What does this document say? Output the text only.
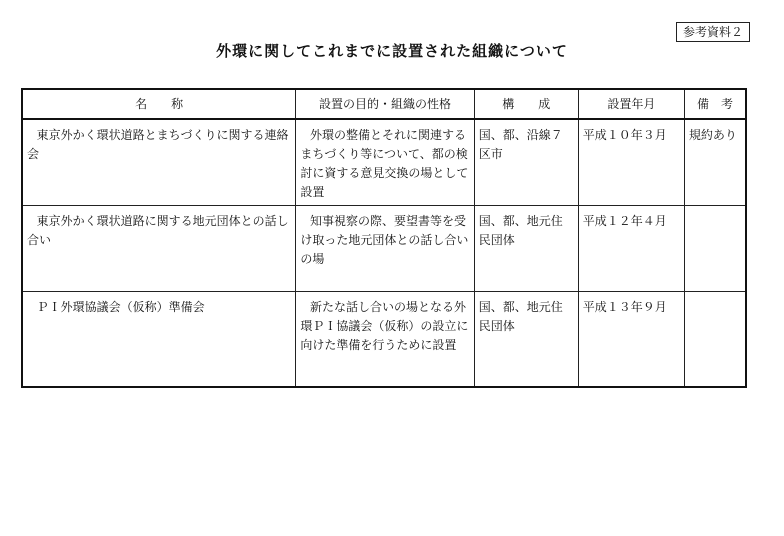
参考資料２
外環に関してこれまでに設置された組織について
名　　称	設置の目的・組織の性格	構　　成	設置年月	備　考
東京外かく環状道路とまちづくりに関する連絡会	外環の整備とそれに関連するまちづくり等について、都の検討に資する意見交換の場として設置	国、都、沿線７区市	平成１０年３月	規約あり
東京外かく環状道路に関する地元団体との話し合い	知事視察の際、要望書等を受け取った地元団体との話し合いの場	国、都、地元住民団体	平成１２年４月	
ＰＩ外環協議会（仮称）準備会	新たな話し合いの場となる外環ＰＩ協議会（仮称）の設立に向けた準備を行うために設置	国、都、地元住民団体	平成１３年９月	
